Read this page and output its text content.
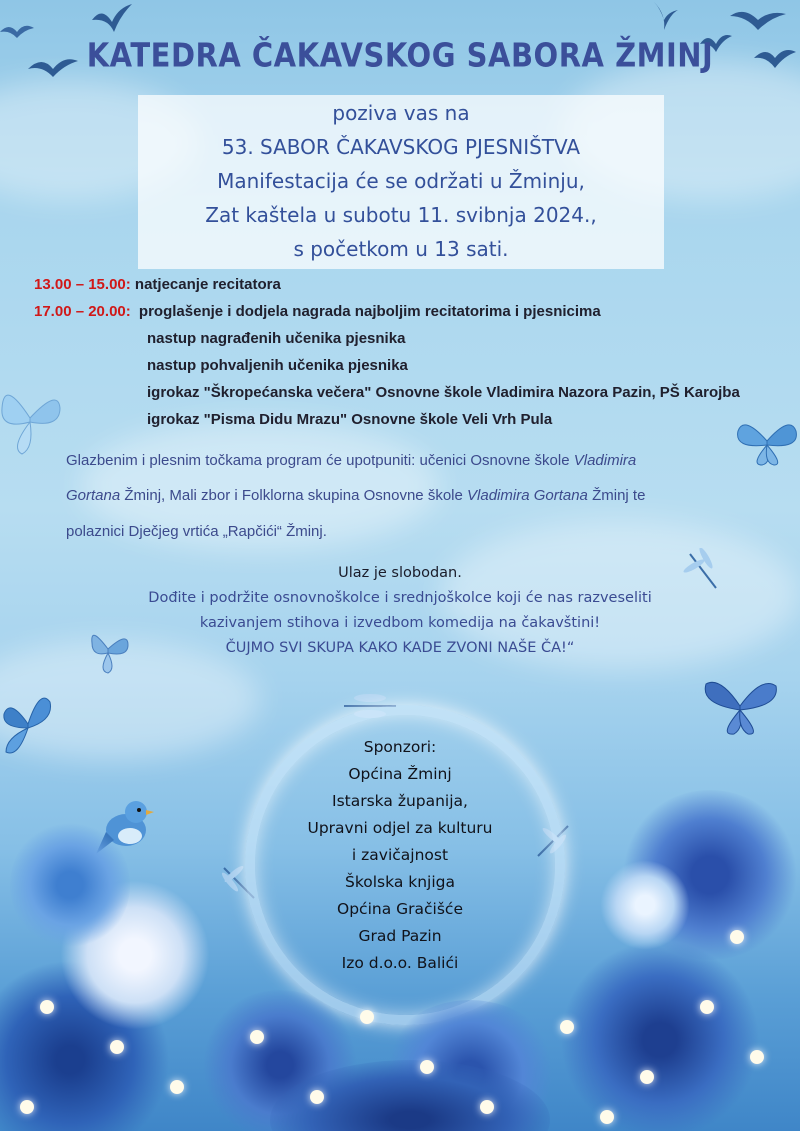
KATEDRA ČAKAVSKOG SABORA ŽMINJ
poziva vas na
53. SABOR ČAKAVSKOG PJESNIŠTVA
Manifestacija će se održati u Žminju,
Zat kaštela u subotu 11. svibnja 2024.,
s početkom u 13 sati.
13.00 – 15.00: natjecanje recitatora
17.00 – 20.00: proglašenje i dodjela nagrada najboljim recitatorima i pjesnicima
nastup nagrađenih učenika pjesnika
nastup pohvaljenih učenika pjesnika
igrokaz "Škropećanska večera" Osnovne škole Vladimira Nazora Pazin, PŠ Karojba
igrokaz "Pisma Didu Mrazu" Osnovne škole Veli Vrh Pula
Glazbenim i plesnim točkama program će upotpuniti: učenici Osnovne škole Vladimira
Gortana Žminj, Mali zbor i Folklorna skupina Osnovne škole Vladimira Gortana Žminj te
polaznici Dječjeg vrtića „Rapčići“ Žminj.
Ulaz je slobodan.
Dođite i podržite osnovnoškolce i srednjoškolce koji će nas razveseliti
kazivanjem stihova i izvedbom komedija na čakavštini!
ČUJMO SVI SKUPA KAKO KADE ZVONI NAŠE ČA!“
Sponzori:
Općina Žminj
Istarska županija,
Upravni odjel za kulturu
i zavičajnost
Školska knjiga
Općina Gračišće
Grad Pazin
Izo d.o.o. Balići
